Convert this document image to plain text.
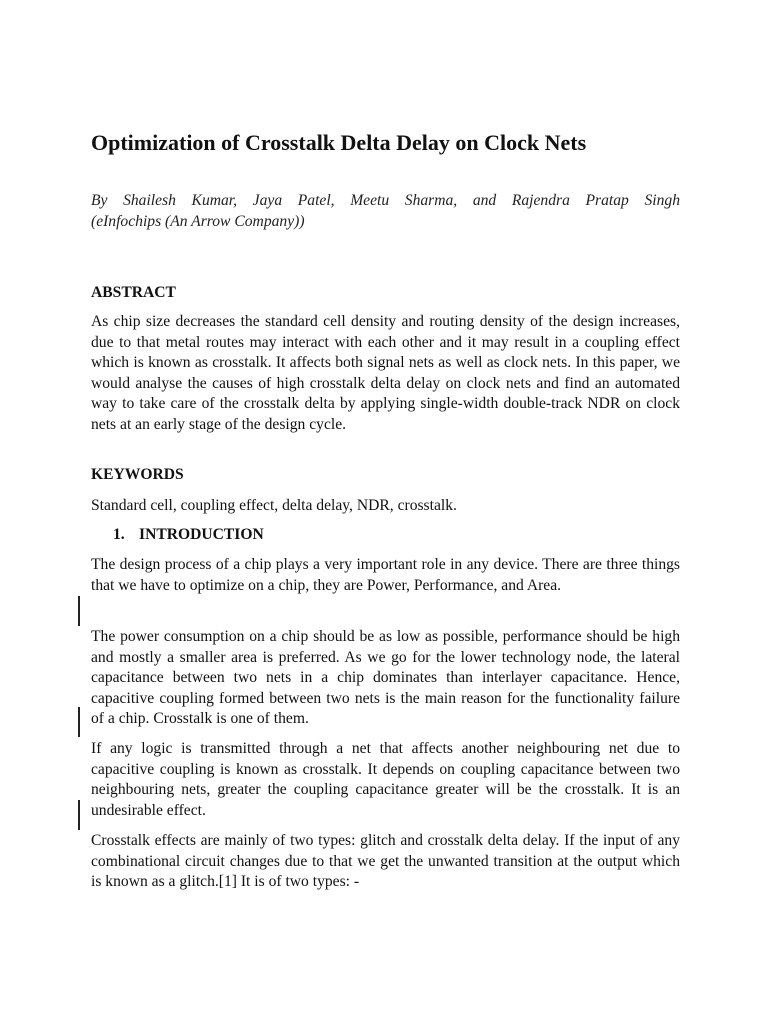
Optimization of Crosstalk Delta Delay on Clock Nets
By Shailesh Kumar, Jaya Patel, Meetu Sharma, and Rajendra Pratap Singh
(eInfochips (An Arrow Company))
ABSTRACT

As chip size decreases the standard cell density and routing density of the design increases, due to that metal routes may interact with each other and it may result in a coupling effect which is known as crosstalk. It affects both signal nets as well as clock nets. In this paper, we would analyse the causes of high crosstalk delta delay on clock nets and find an automated way to take care of the crosstalk delta by applying single-width double-track NDR on clock nets at an early stage of the design cycle.

KEYWORDS

Standard cell, coupling effect, delta delay, NDR, crosstalk.

1. INTRODUCTION

The design process of a chip plays a very important role in any device. There are three things that we have to optimize on a chip, they are Power, Performance, and Area.

The power consumption on a chip should be as low as possible, performance should be high and mostly a smaller area is preferred. As we go for the lower technology node, the lateral capacitance between two nets in a chip dominates than interlayer capacitance. Hence, capacitive coupling formed between two nets is the main reason for the functionality failure of a chip. Crosstalk is one of them.

If any logic is transmitted through a net that affects another neighbouring net due to capacitive coupling is known as crosstalk. It depends on coupling capacitance between two neighbouring nets, greater the coupling capacitance greater will be the crosstalk. It is an undesirable effect.

Crosstalk effects are mainly of two types: glitch and crosstalk delta delay. If the input of any combinational circuit changes due to that we get the unwanted transition at the output which is known as a glitch.[1] It is of two types: -
